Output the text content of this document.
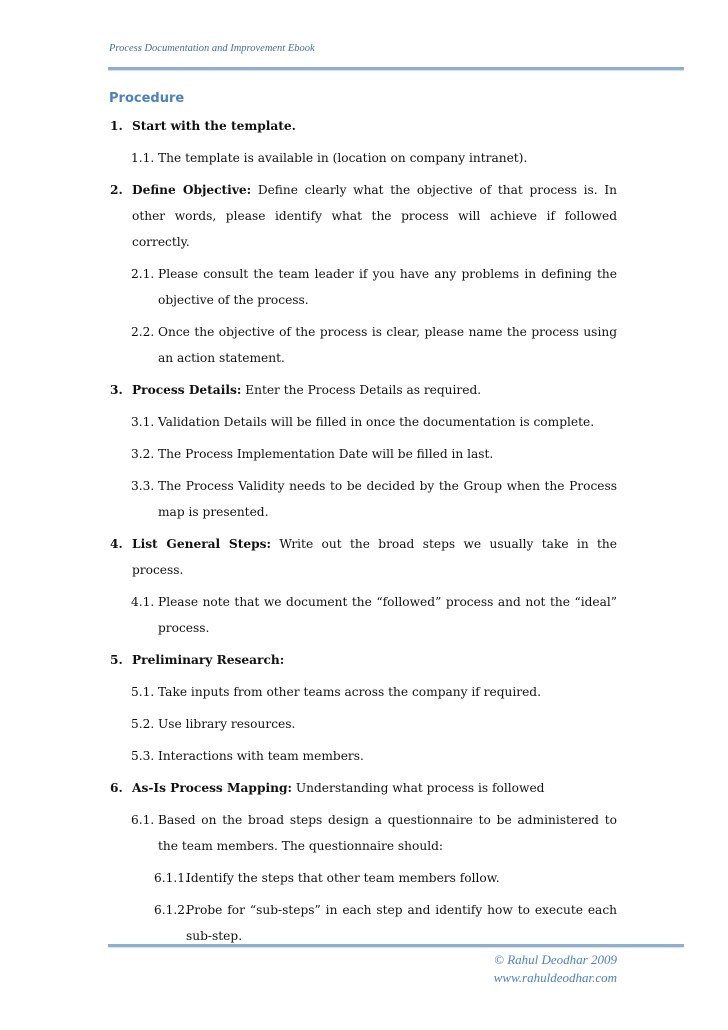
Process Documentation and Improvement Ebook
Procedure
1. Start with the template.
1.1. The template is available in (location on company intranet).
2. Define Objective: Define clearly what the objective of that process is. In other words, please identify what the process will achieve if followed correctly.
2.1. Please consult the team leader if you have any problems in defining the objective of the process.
2.2. Once the objective of the process is clear, please name the process using an action statement.
3. Process Details: Enter the Process Details as required.
3.1. Validation Details will be filled in once the documentation is complete.
3.2. The Process Implementation Date will be filled in last.
3.3. The Process Validity needs to be decided by the Group when the Process map is presented.
4. List General Steps: Write out the broad steps we usually take in the process.
4.1. Please note that we document the “followed” process and not the “ideal” process.
5. Preliminary Research:
5.1. Take inputs from other teams across the company if required.
5.2. Use library resources.
5.3. Interactions with team members.
6. As-Is Process Mapping: Understanding what process is followed
6.1. Based on the broad steps design a questionnaire to be administered to the team members. The questionnaire should:
6.1.1.
Identify the steps that other team members follow.
6.1.2.
Probe for “sub-steps” in each step and identify how to execute each sub-step.
© Rahul Deodhar 2009
www.rahuldeodhar.com
